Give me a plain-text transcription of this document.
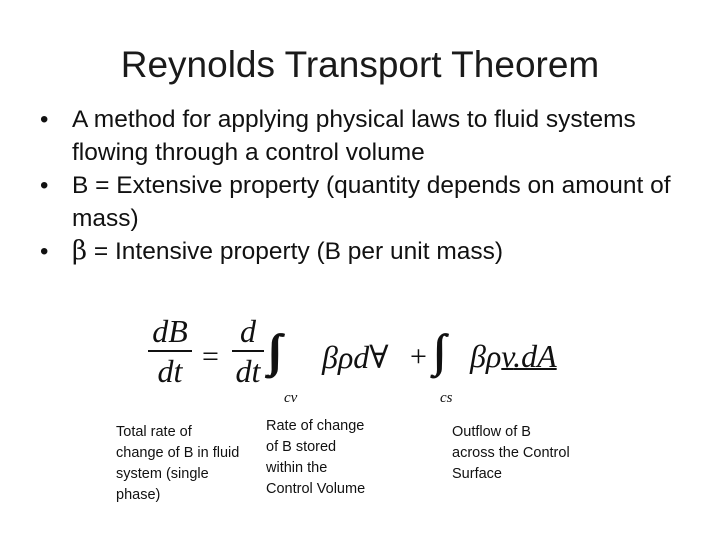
Reynolds Transport Theorem
• A method for applying physical laws to fluid systems flowing through a control volume
• B = Extensive property (quantity depends on amount of mass)
• β = Intensive property (B per unit mass)
dB
dt =
d
dt βρd∀
cv
+ βρv.dA
cs
Total rate of
change of B in fluid
system (single
phase)
Rate of change
of B stored
within the
Control Volume
Outflow of B
across the Control
Surface
